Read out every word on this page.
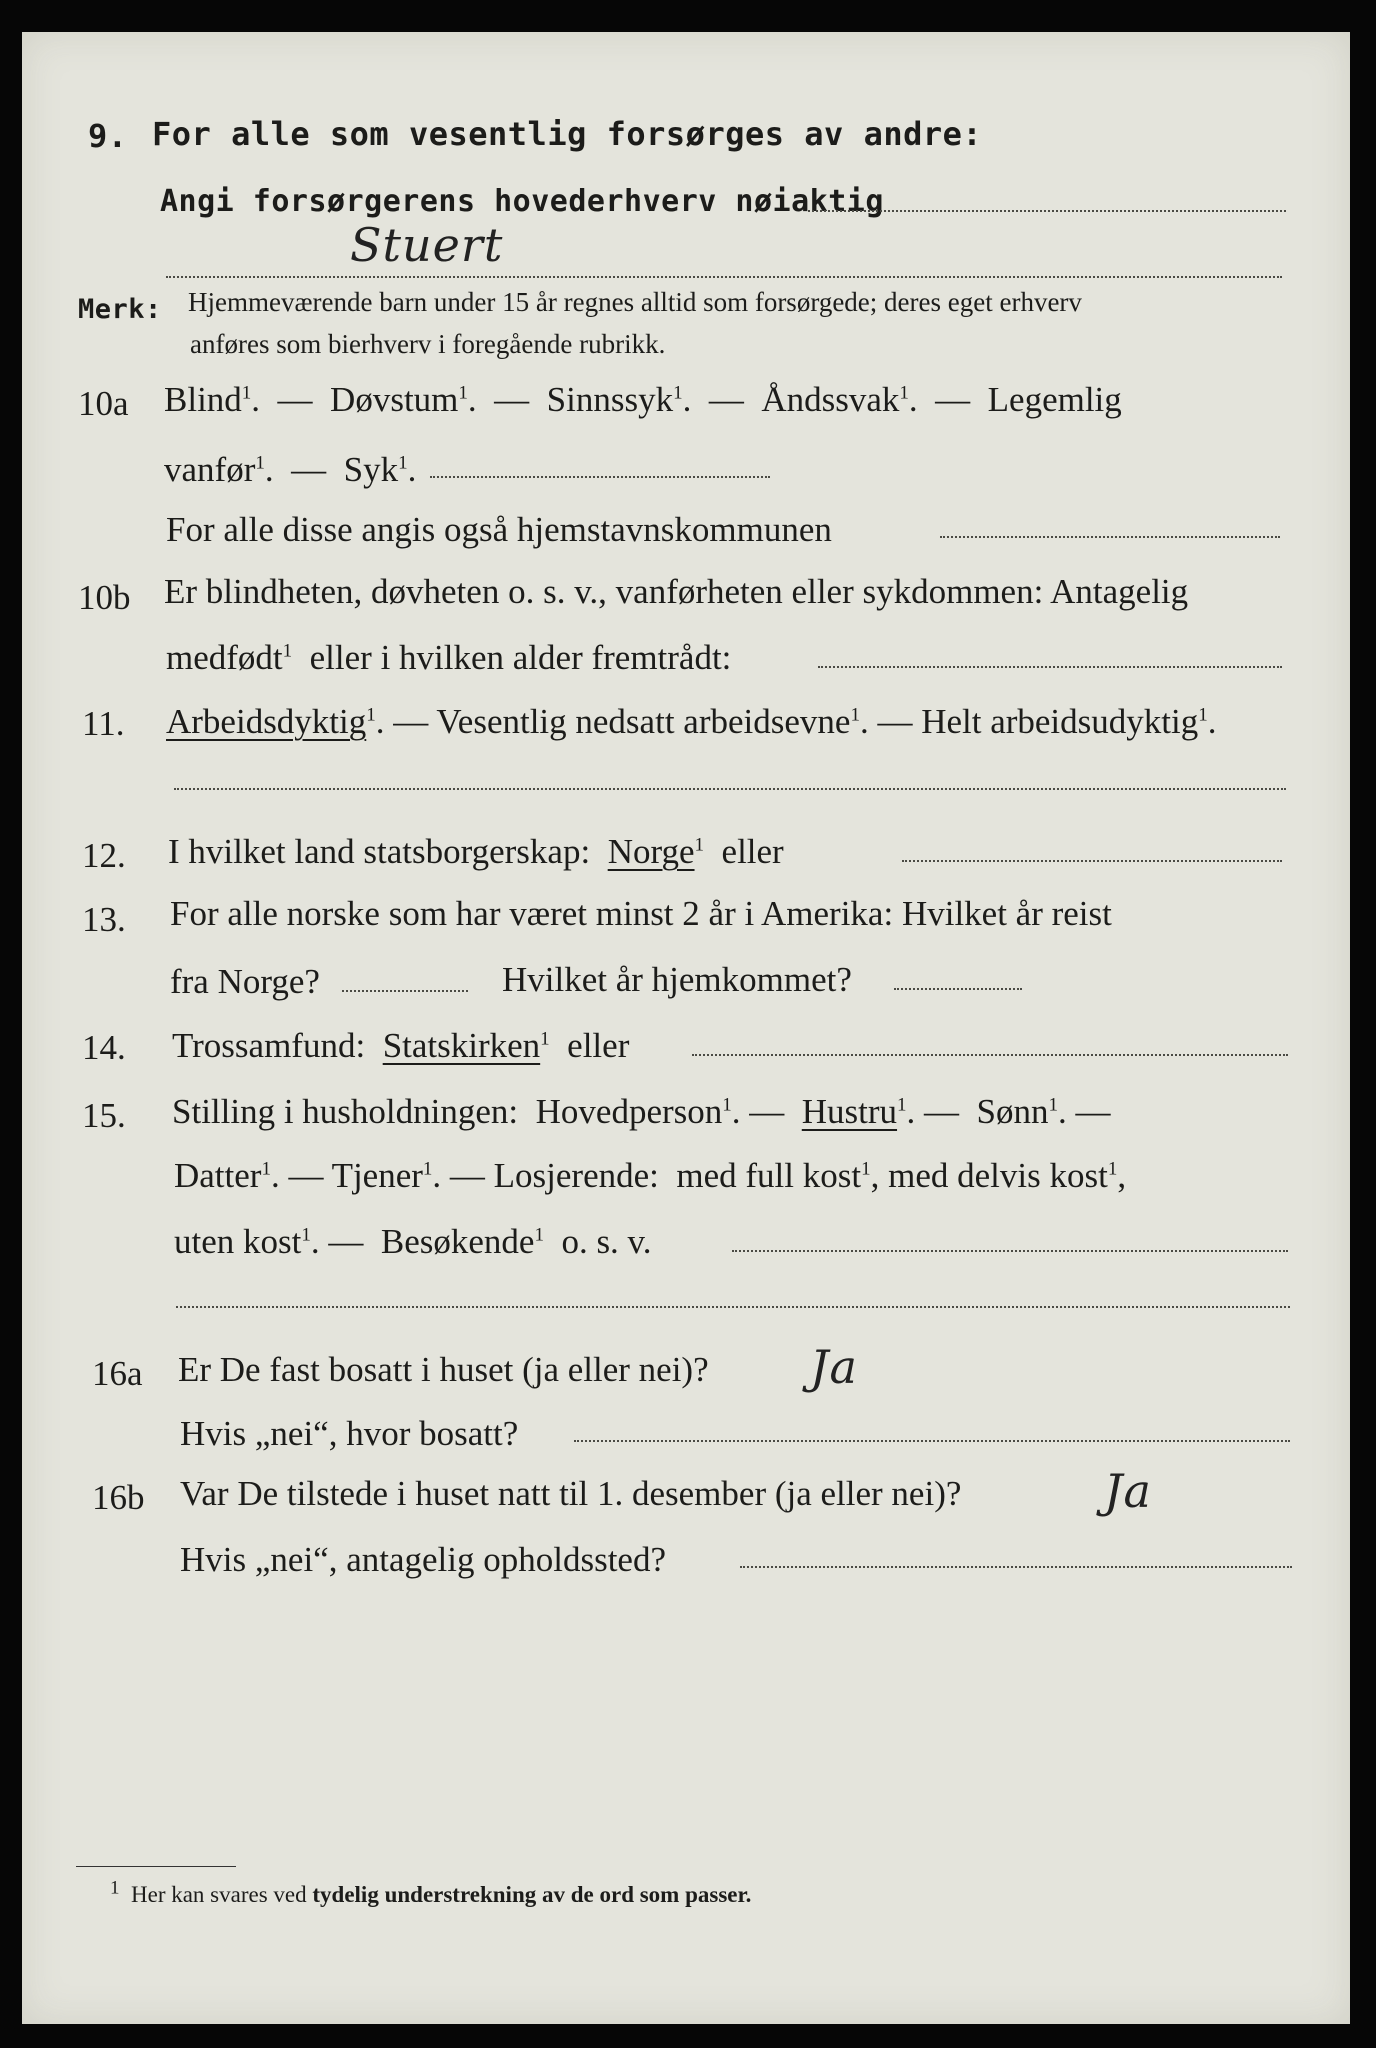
9. For alle som vesentlig forsørges av andre:
Angi forsørgerens hovederhverv nøiaktig
Stuert
Merk: Hjemmeværende barn under 15 år regnes alltid som forsørgede; deres eget erhverv
anføres som bierhverv i foregående rubrikk.
10a Blind$^1$.  — Døvstum$^1$.  — Sinnssyk$^1$.  — Åndssvak$^1$.  — Legemlig
vanfør$^1$.  — Syk$^1$.
For alle disse angis også hjemstavnskommunen
10b Er blindheten, døvheten o. s. v., vanførheten eller sykdommen: Antagelig
medfødt$^1$ eller i hvilken alder fremtrådt:
11. Arbeidsdyktig$^1$. — Vesentlig nedsatt arbeidsevne$^1$. — Helt arbeidsudyktig$^1$.
12. I hvilket land statsborgerskap: Norge$^1$ eller
13. For alle norske som har været minst 2 år i Amerika: Hvilket år reist
fra Norge?	Hvilket år hjemkommet?
14. Trossamfund: Statskirken$^1$ eller
15. Stilling i husholdningen: Hovedperson$^1$. — Hustru$^1$. — Sønn$^1$. —
Datter$^1$. — Tjener$^1$. — Losjerende: med full kost$^1$, med delvis kost$^1$,
uten kost$^1$. — Besøkende$^1$ o. s. v.
16a Er De fast bosatt i huset (ja eller nei)? Ja
Hvis „nei“, hvor bosatt?
16b Var De tilstede i huset natt til 1. desember (ja eller nei)?	Ja
Hvis „nei“, antagelig opholdssted?
$^1$ Her kan svares ved tydelig understrekning av de ord som passer.
